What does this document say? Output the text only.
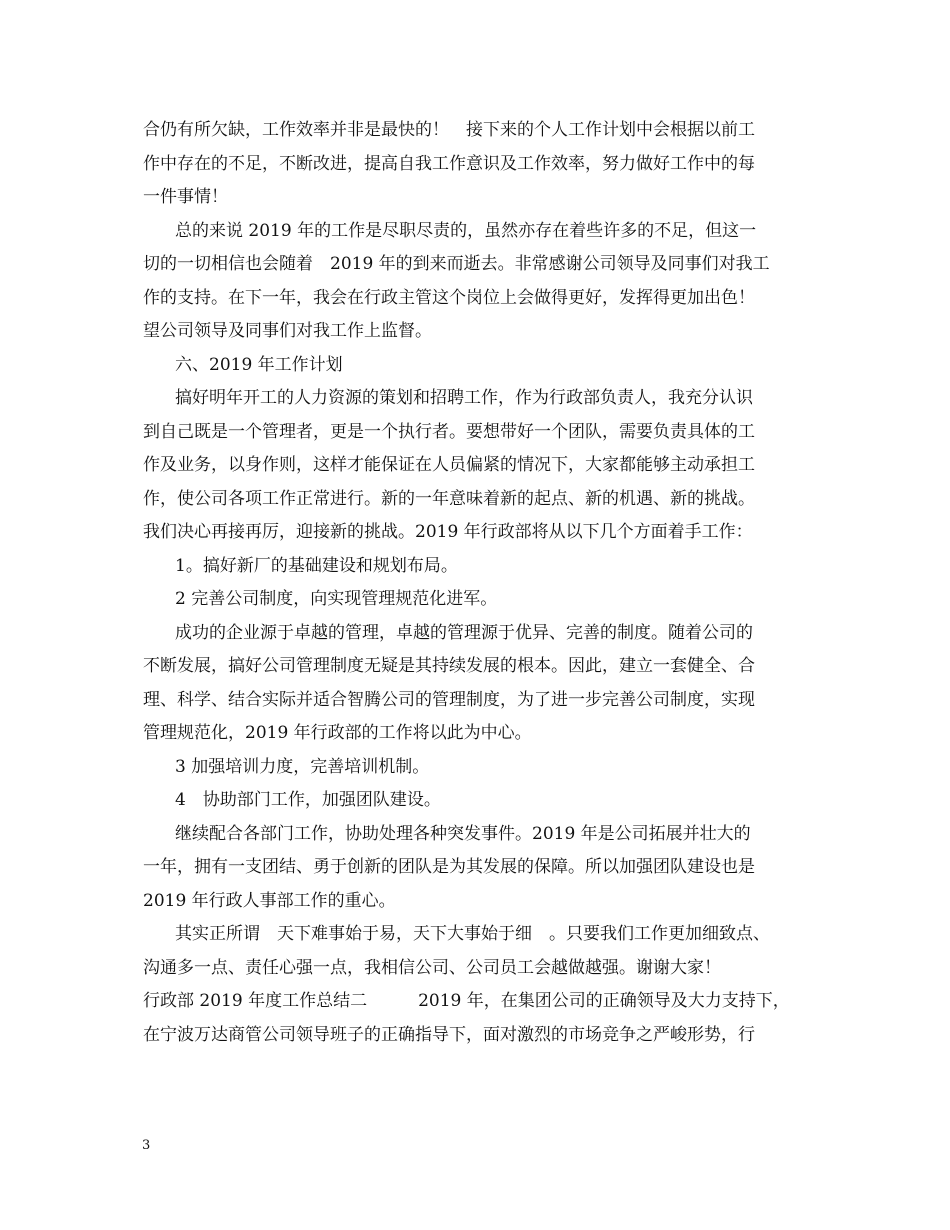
合仍有所欠缺，工作效率并非是最快的！　接下来的个人工作计划中会根据以前工
作中存在的不足，不断改进，提高自我工作意识及工作效率，努力做好工作中的每
一件事情！
总的来说 2019 年的工作是尽职尽责的，虽然亦存在着些许多的不足，但这一
切的一切相信也会随着　2019 年的到来而逝去。非常感谢公司领导及同事们对我工
作的支持。在下一年，我会在行政主管这个岗位上会做得更好，发挥得更加出色！
望公司领导及同事们对我工作上监督。
六、2019 年工作计划
搞好明年开工的人力资源的策划和招聘工作，作为行政部负责人，我充分认识
到自己既是一个管理者，更是一个执行者。要想带好一个团队，需要负责具体的工
作及业务，以身作则，这样才能保证在人员偏紧的情况下，大家都能够主动承担工
作，使公司各项工作正常进行。新的一年意味着新的起点、新的机遇、新的挑战。
我们决心再接再厉，迎接新的挑战。2019 年行政部将从以下几个方面着手工作：
1。搞好新厂的基础建设和规划布局。
2 完善公司制度，向实现管理规范化进军。
成功的企业源于卓越的管理，卓越的管理源于优异、完善的制度。随着公司的
不断发展，搞好公司管理制度无疑是其持续发展的根本。因此，建立一套健全、合
理、科学、结合实际并适合智腾公司的管理制度，为了进一步完善公司制度，实现
管理规范化，2019 年行政部的工作将以此为中心。
3 加强培训力度，完善培训机制。
4　协助部门工作，加强团队建设。
继续配合各部门工作，协助处理各种突发事件。2019 年是公司拓展并壮大的
一年，拥有一支团结、勇于创新的团队是为其发展的保障。所以加强团队建设也是
2019 年行政人事部工作的重心。
其实正所谓　天下难事始于易，天下大事始于细　。只要我们工作更加细致点、
沟通多一点、责任心强一点，我相信公司、公司员工会越做越强。谢谢大家！
行政部 2019 年度工作总结二　　　2019 年，在集团公司的正确领导及大力支持下，
在宁波万达商管公司领导班子的正确指导下，面对激烈的市场竞争之严峻形势，行
3
